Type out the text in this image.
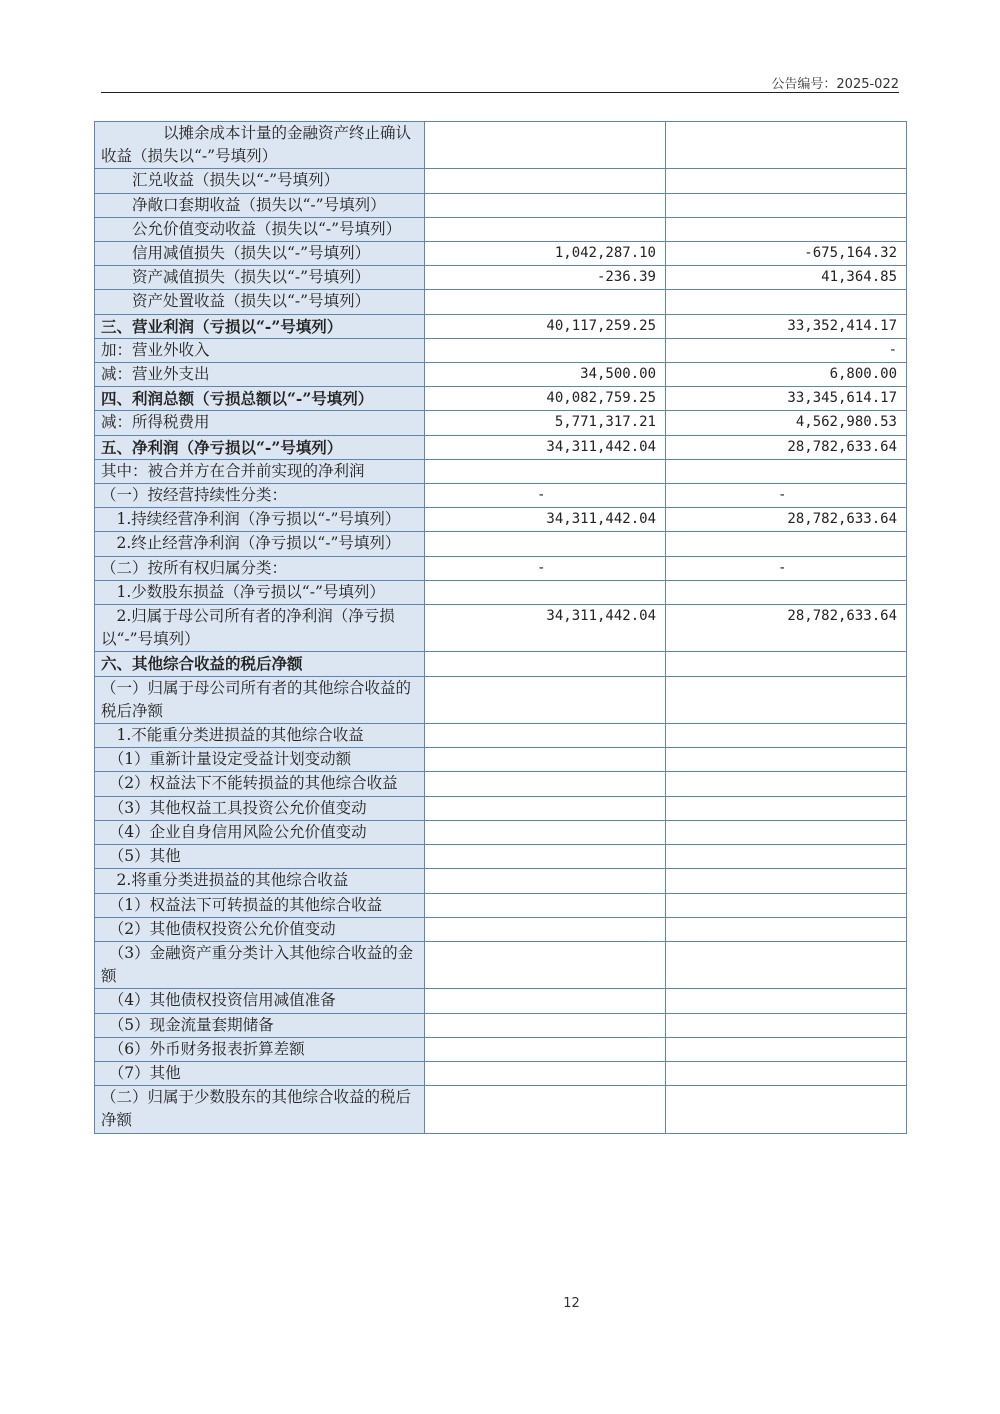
公告编号：2025-022
　　　　以摊余成本计量的金融资产终止确认收益（损失以“-”号填列）		
　　汇兑收益（损失以“-”号填列）		
　　净敞口套期收益（损失以“-”号填列）		
　　公允价值变动收益（损失以“-”号填列）		
　　信用减值损失（损失以“-”号填列）	1,042,287.10	-675,164.32
　　资产减值损失（损失以“-”号填列）	-236.39	41,364.85
　　资产处置收益（损失以“-”号填列）		
三、营业利润（亏损以“-”号填列）	40,117,259.25	33,352,414.17
加：营业外收入		-
减：营业外支出	34,500.00	6,800.00
四、利润总额（亏损总额以“-”号填列）	40,082,759.25	33,345,614.17
减：所得税费用	5,771,317.21	4,562,980.53
五、净利润（净亏损以“-”号填列）	34,311,442.04	28,782,633.64
其中：被合并方在合并前实现的净利润		
（一）按经营持续性分类：	-	-
　1.持续经营净利润（净亏损以“-”号填列）	34,311,442.04	28,782,633.64
　2.终止经营净利润（净亏损以“-”号填列）		
（二）按所有权归属分类：	-	-
　1.少数股东损益（净亏损以“-”号填列）		
　2.归属于母公司所有者的净利润（净亏损以“-”号填列）	34,311,442.04	28,782,633.64
六、其他综合收益的税后净额		
（一）归属于母公司所有者的其他综合收益的税后净额		
　1.不能重分类进损益的其他综合收益		
　（1）重新计量设定受益计划变动额		
　（2）权益法下不能转损益的其他综合收益		
　（3）其他权益工具投资公允价值变动		
　（4）企业自身信用风险公允价值变动		
　（5）其他		
　2.将重分类进损益的其他综合收益		
　（1）权益法下可转损益的其他综合收益		
　（2）其他债权投资公允价值变动		
　（3）金融资产重分类计入其他综合收益的金额		
　（4）其他债权投资信用减值准备		
　（5）现金流量套期储备		
　（6）外币财务报表折算差额		
　（7）其他		
（二）归属于少数股东的其他综合收益的税后净额		
12
